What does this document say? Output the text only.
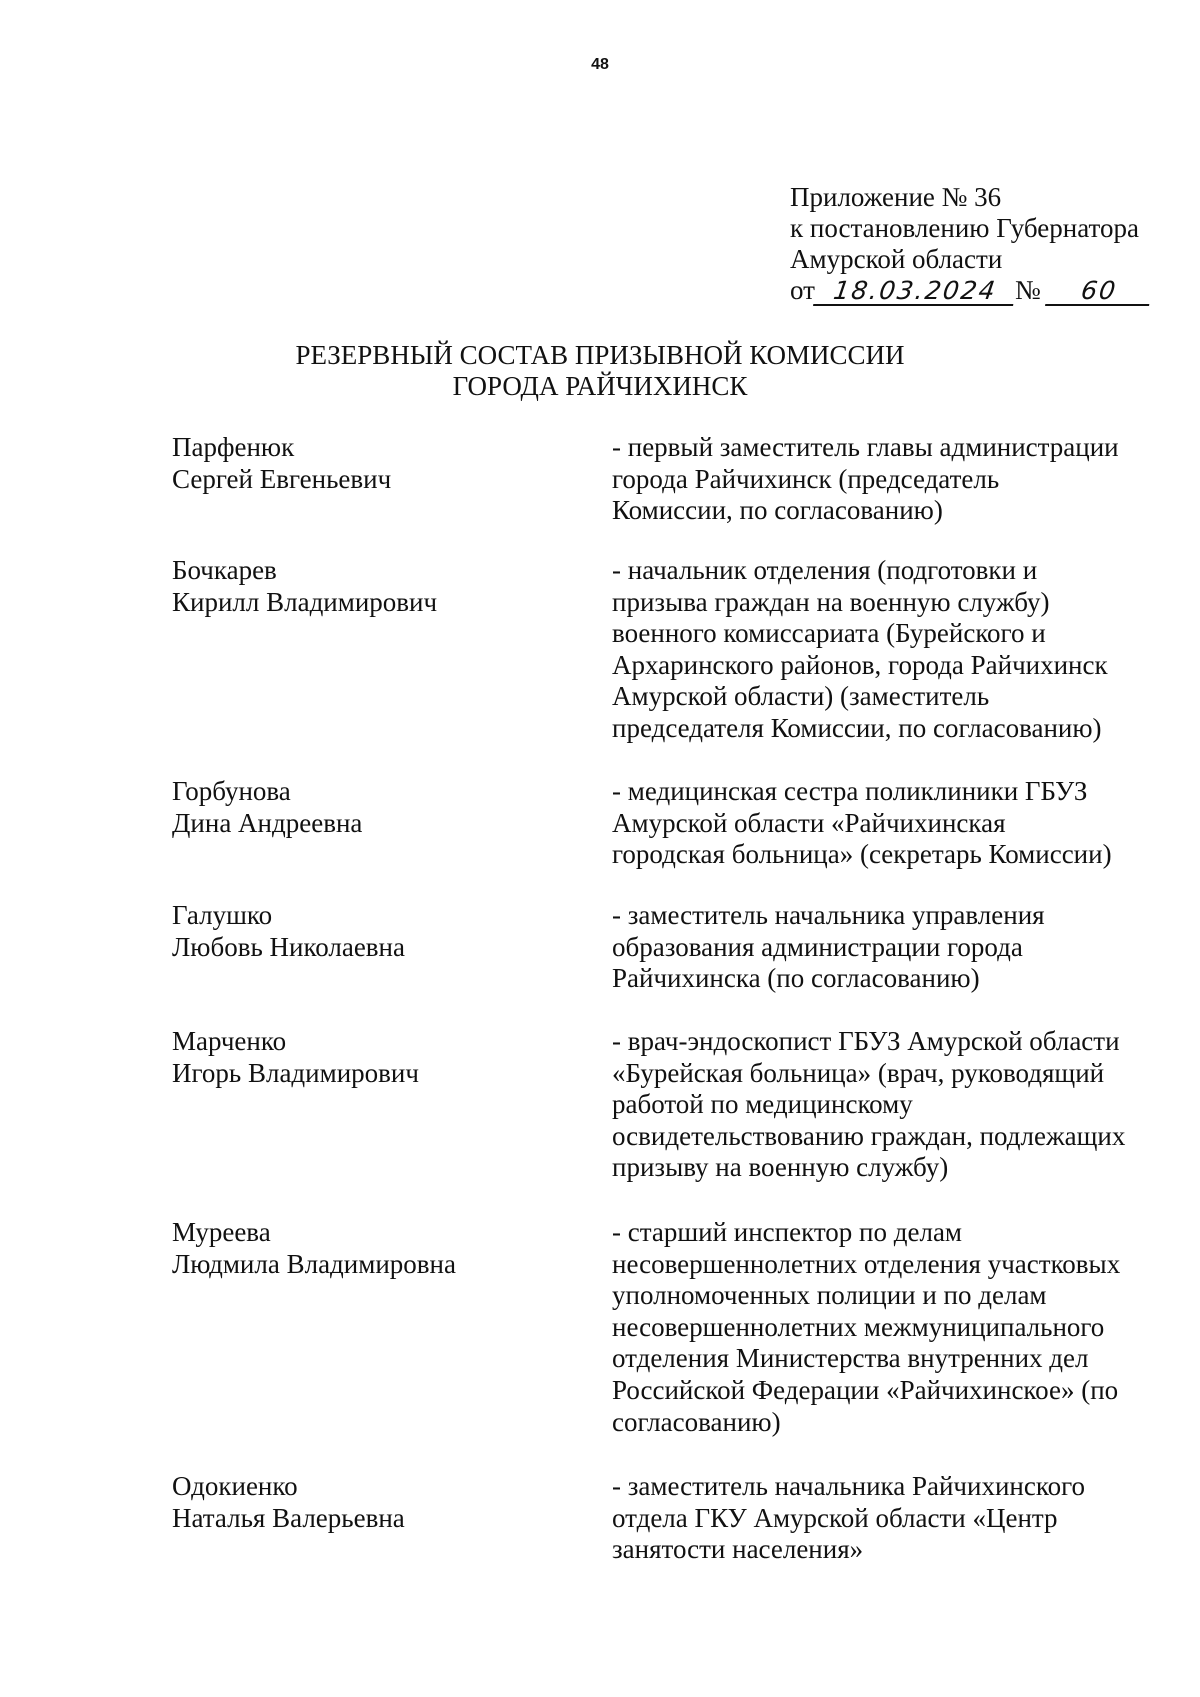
48
Приложение № 36
к постановлению Губернатора
Амурской области
от 18.03.2024 №	60
РЕЗЕРВНЫЙ СОСТАВ ПРИЗЫВНОЙ КОМИССИИ
ГОРОДА РАЙЧИХИНСК
Парфенюк
Сергей Евгеньевич
- первый заместитель главы администрации
города Райчихинск (председатель
Комиссии, по согласованию)
Бочкарев
Кирилл Владимирович
- начальник отделения (подготовки и
призыва граждан на военную службу)
военного комиссариата (Бурейского и
Архаринского районов, города Райчихинск
Амурской области) (заместитель
председателя Комиссии, по согласованию)
Горбунова
Дина Андреевна
- медицинская сестра поликлиники ГБУЗ
Амурской области «Райчихинская
городская больница» (секретарь Комиссии)
Галушко
Любовь Николаевна
- заместитель начальника управления
образования администрации города
Райчихинска (по согласованию)
Марченко
Игорь Владимирович
- врач-эндоскопист ГБУЗ Амурской области
«Бурейская больница» (врач, руководящий
работой по медицинскому
освидетельствованию граждан, подлежащих
призыву на военную службу)
Муреева
Людмила Владимировна
- старший инспектор по делам
несовершеннолетних отделения участковых
уполномоченных полиции и по делам
несовершеннолетних межмуниципального
отделения Министерства внутренних дел
Российской Федерации «Райчихинское» (по
согласованию)
Одокиенко
Наталья Валерьевна
- заместитель начальника Райчихинского
отдела ГКУ Амурской области «Центр
занятости населения»
